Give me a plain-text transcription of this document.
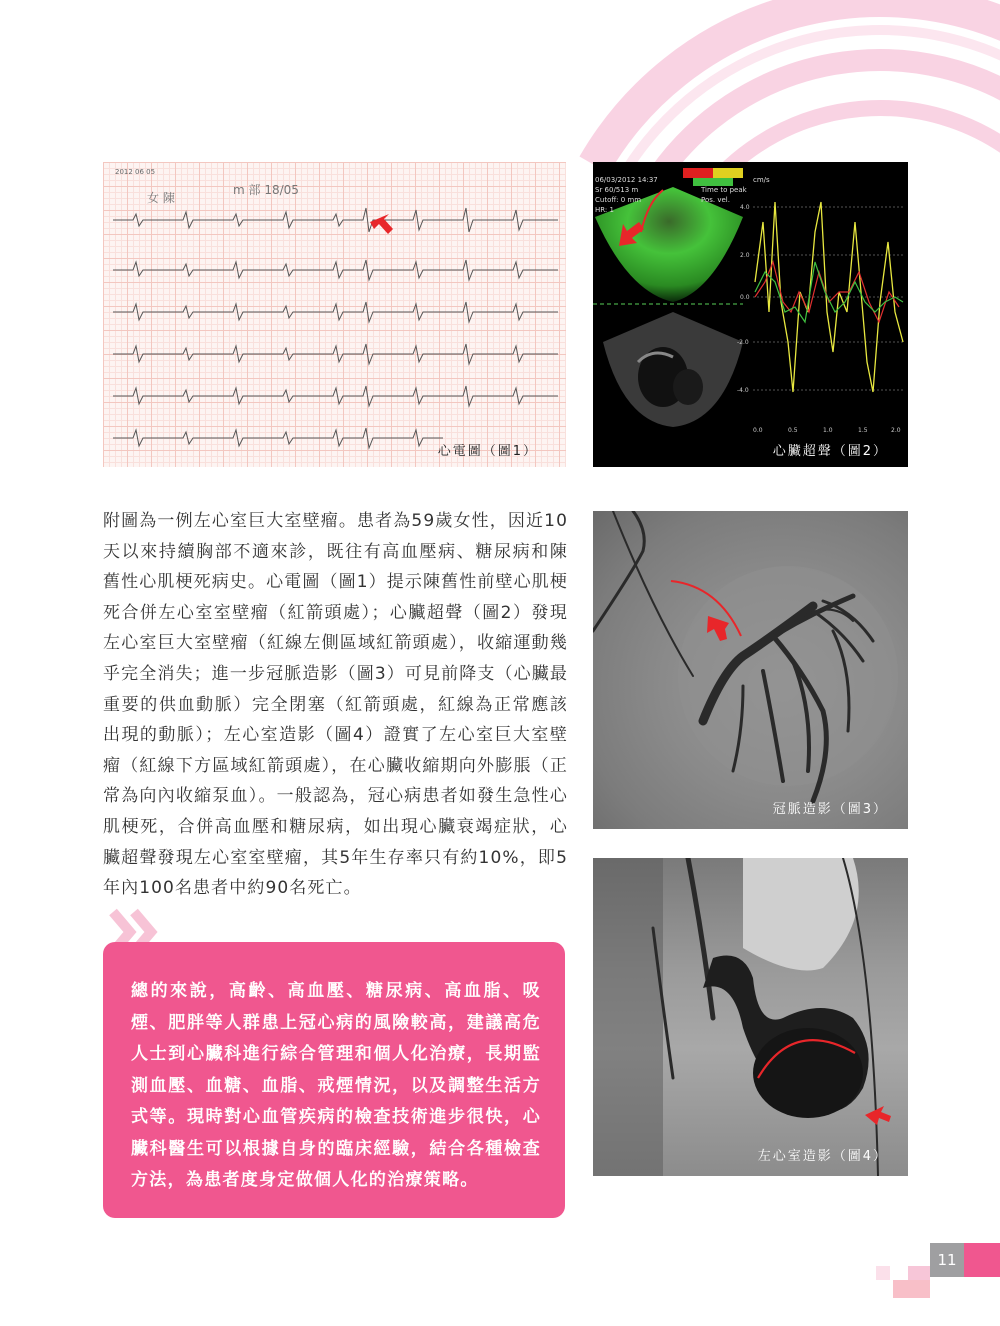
2012 06 05
女 陳
m 部 18/05
心電圖（圖1）
06/03/2012 14:37
Sr 60/513 m
Cutoff: 0 mm
HR: 1
Time to peak
Pos. vel.
cm/s
4.0
2.0
0.0
-2.0
-4.0
0.0	0.5	1.0	1.5	2.0
心臟超聲（圖2）
冠脈造影（圖3）
左心室造影（圖4）

附圖為一例左心室巨大室壁瘤。患者為59歲女性，因近10天以來持續胸部不適來診，既往有高血壓病、糖尿病和陳舊性心肌梗死病史。心電圖（圖1）提示陳舊性前壁心肌梗死合併左心室室壁瘤（紅箭頭處）；心臟超聲（圖2）發現左心室巨大室壁瘤（紅線左側區域紅箭頭處），收縮運動幾乎完全消失；進一步冠脈造影（圖3）可見前降支（心臟最重要的供血動脈）完全閉塞（紅箭頭處，紅線為正常應該出現的動脈）；左心室造影（圖4）證實了左心室巨大室壁瘤（紅線下方區域紅箭頭處），在心臟收縮期向外膨脹（正常為向內收縮泵血）。一般認為，冠心病患者如發生急性心肌梗死，合併高血壓和糖尿病，如出現心臟衰竭症狀，心臟超聲發現左心室室壁瘤，其5年生存率只有約10%，即5年內100名患者中約90名死亡。

總的來說，高齡、高血壓、糖尿病、高血脂、吸煙、肥胖等人群患上冠心病的風險較高，建議高危人士到心臟科進行綜合管理和個人化治療，長期監測血壓、血糖、血脂、戒煙情況，以及調整生活方式等。現時對心血管疾病的檢查技術進步很快，心臟科醫生可以根據自身的臨床經驗，結合各種檢查方法，為患者度身定做個人化的治療策略。
11
